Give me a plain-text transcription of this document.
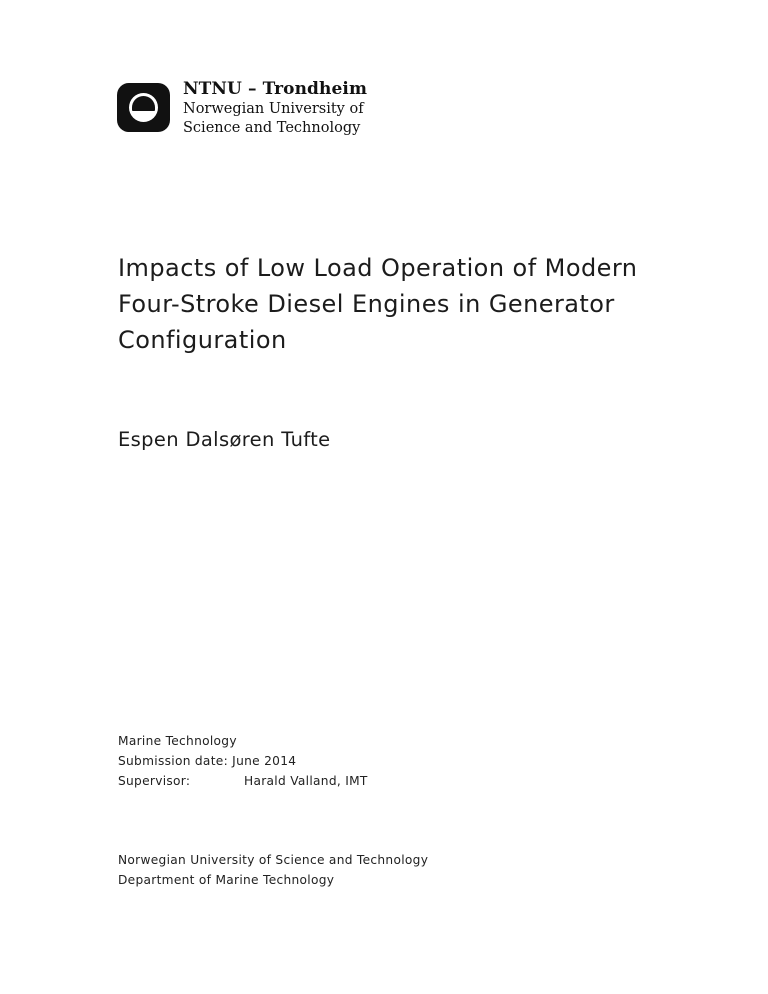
NTNU – Trondheim
Norwegian University of
Science and Technology
Impacts of Low Load Operation of Modern
Four-Stroke Diesel Engines in Generator
Configuration
Espen Dalsøren Tufte
Marine Technology
Submission date: June 2014
Supervisor:	Harald Valland, IMT
Norwegian University of Science and Technology
Department of Marine Technology
